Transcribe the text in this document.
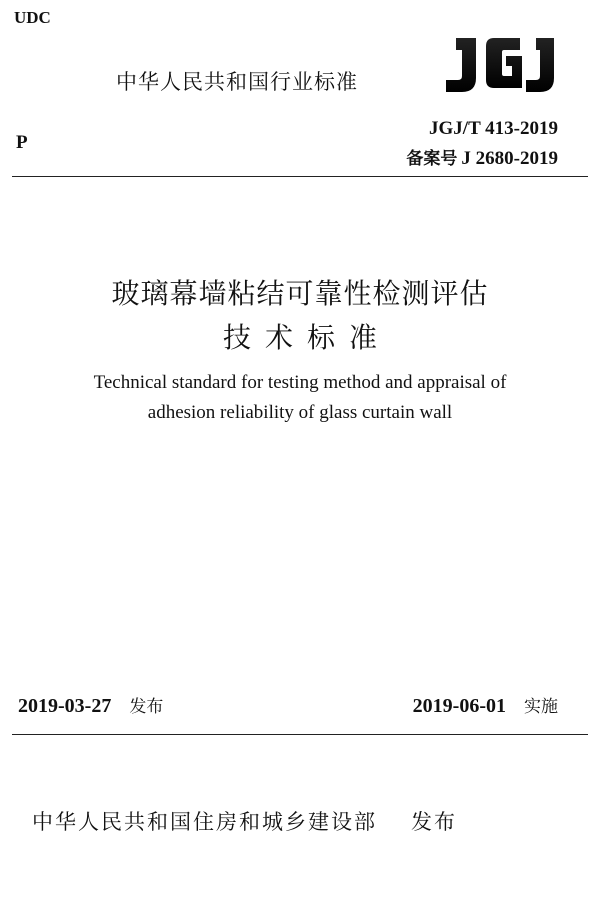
UDC
中华人民共和国行业标准
P
JGJ/T 413-2019
备案号 J 2680-2019
玻璃幕墙粘结可靠性检测评估
技术标准
Technical standard for testing method and appraisal of
adhesion reliability of glass curtain wall
2019-03-27 发布	2019-06-01 实施
中华人民共和国住房和城乡建设部 发布
